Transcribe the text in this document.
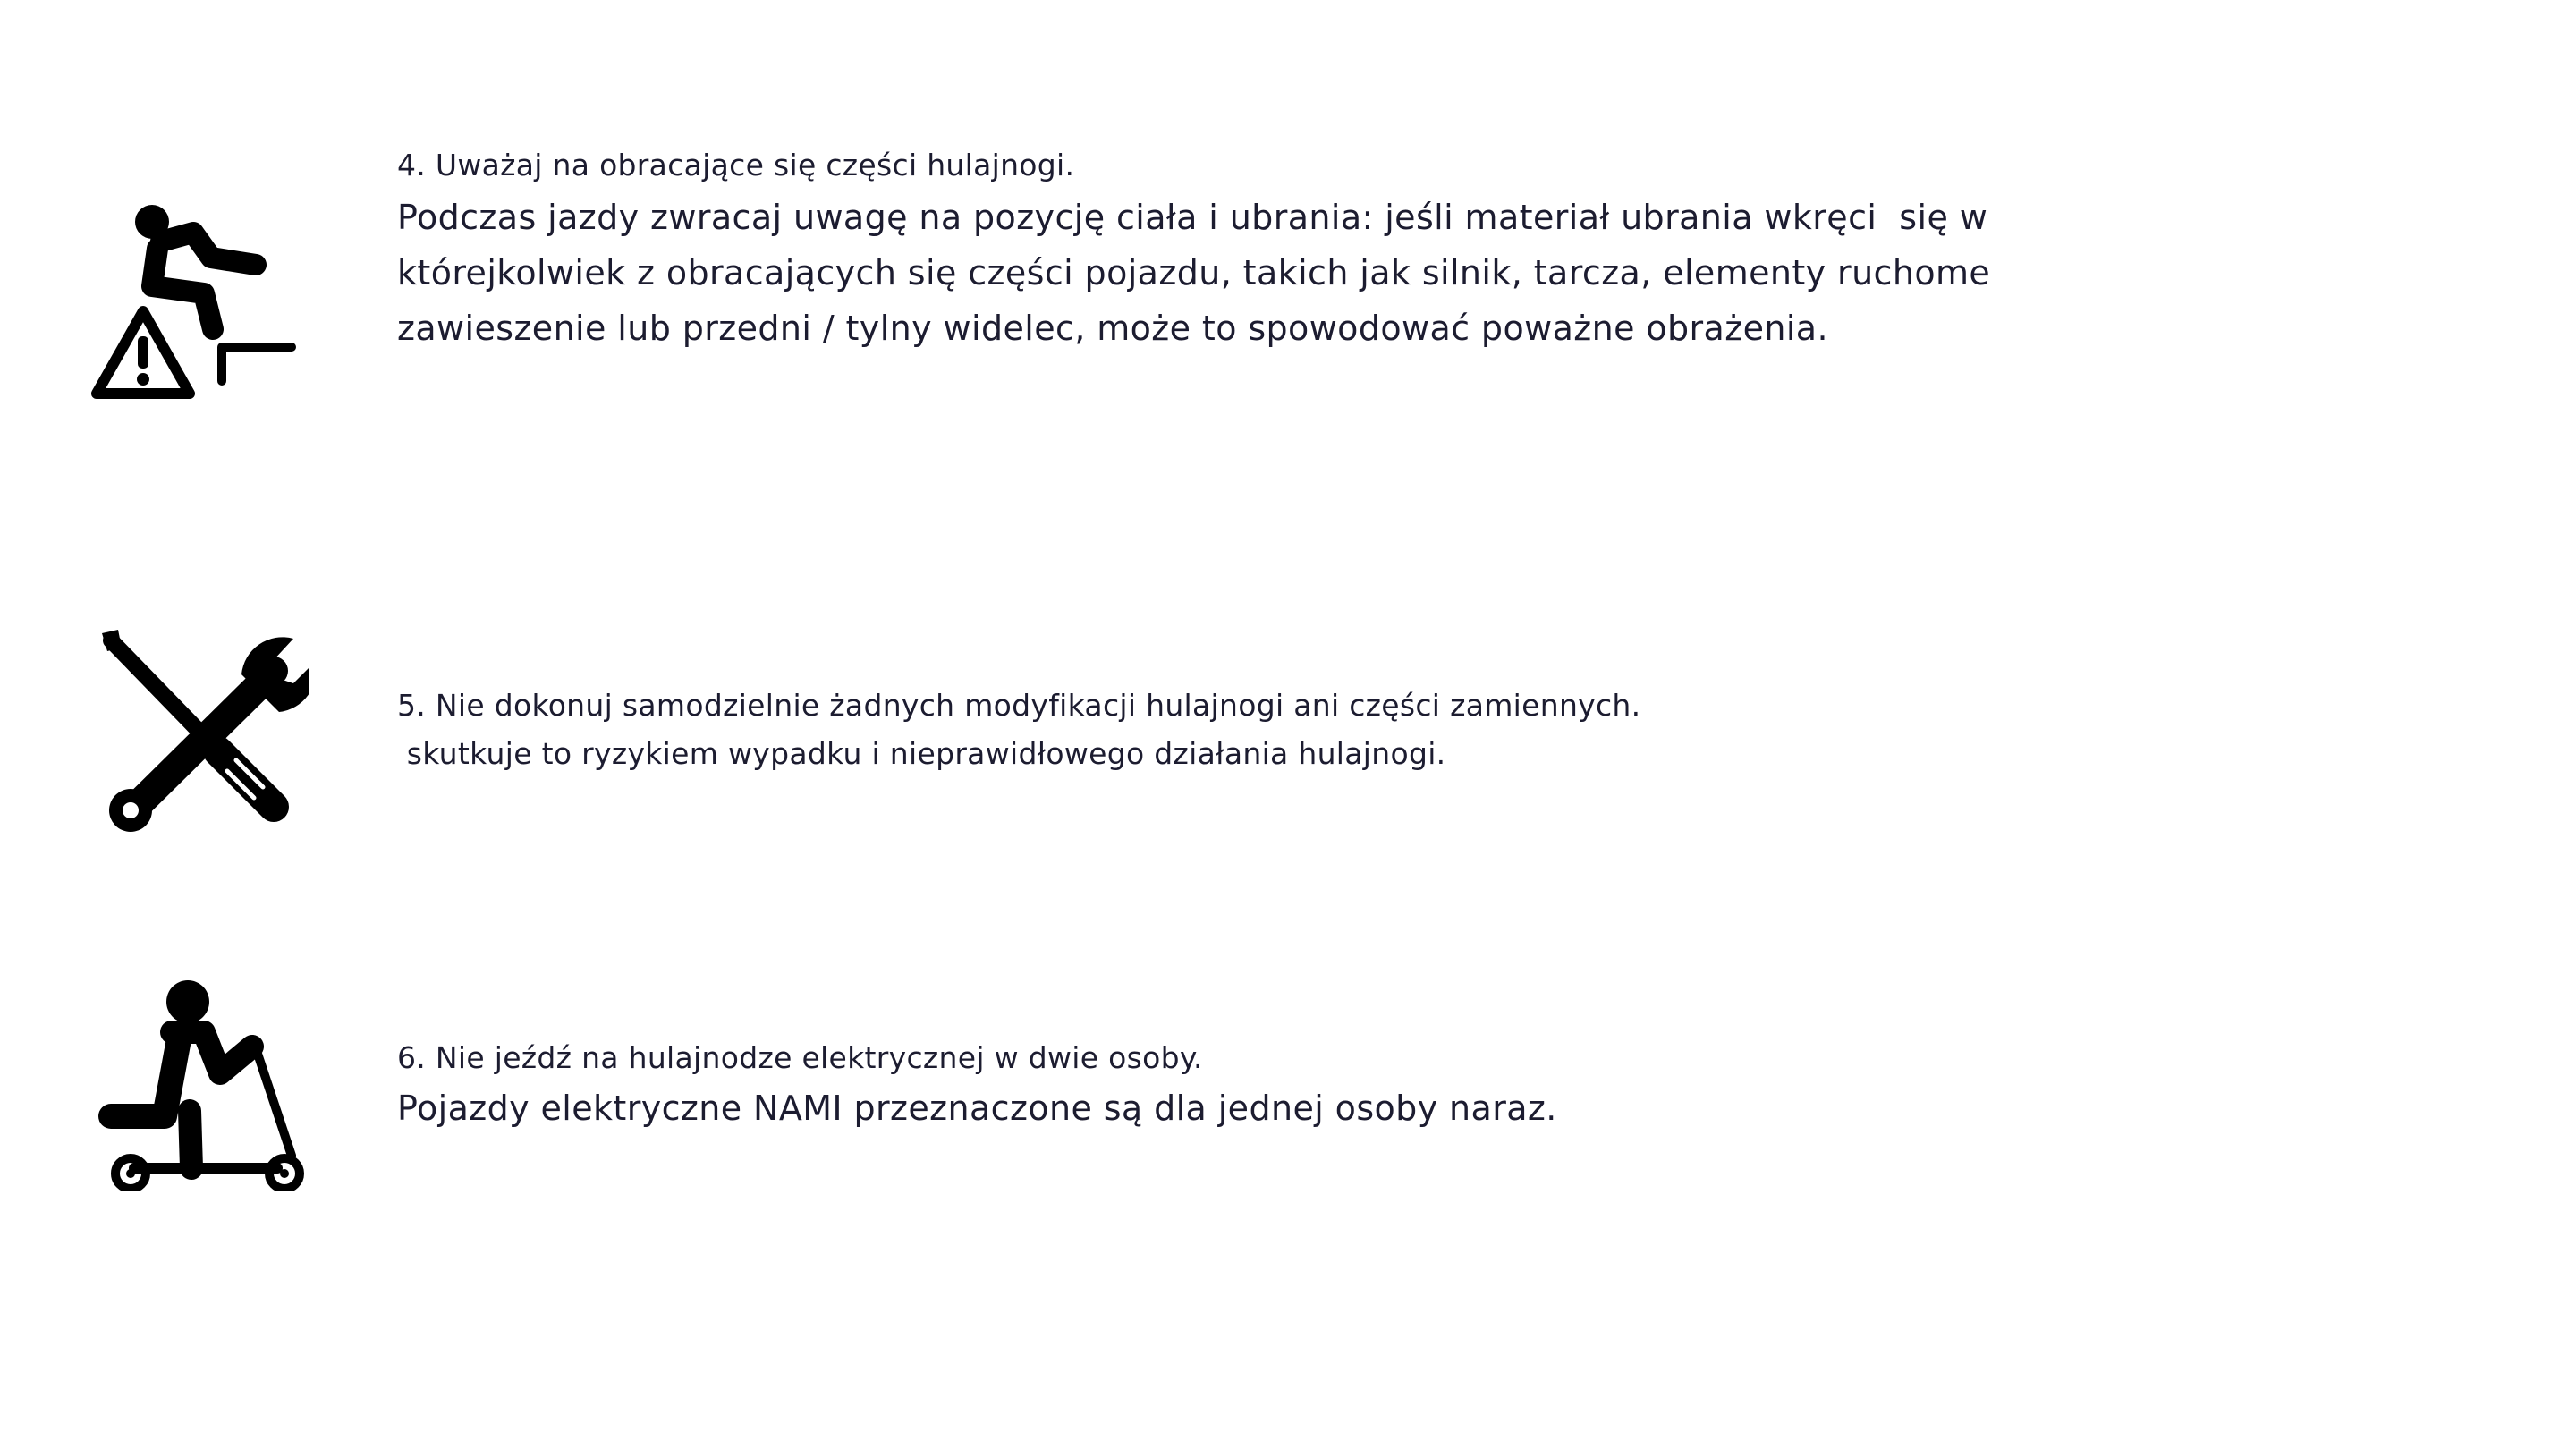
4. Uważaj na obracające się części hulajnogi.
Podczas jazdy zwracaj uwagę na pozycję ciała i ubrania: jeśli materiał ubrania wkręci  się w
którejkolwiek z obracających się części pojazdu, takich jak silnik, tarcza, elementy ruchome
zawieszenie lub przedni / tylny widelec, może to spowodować poważne obrażenia.
5. Nie dokonuj samodzielnie żadnych modyfikacji hulajnogi ani części zamiennych.
skutkuje to ryzykiem wypadku i nieprawidłowego działania hulajnogi.
6. Nie jeźdź na hulajnodze elektrycznej w dwie osoby.
Pojazdy elektryczne NAMI przeznaczone są dla jednej osoby naraz.
